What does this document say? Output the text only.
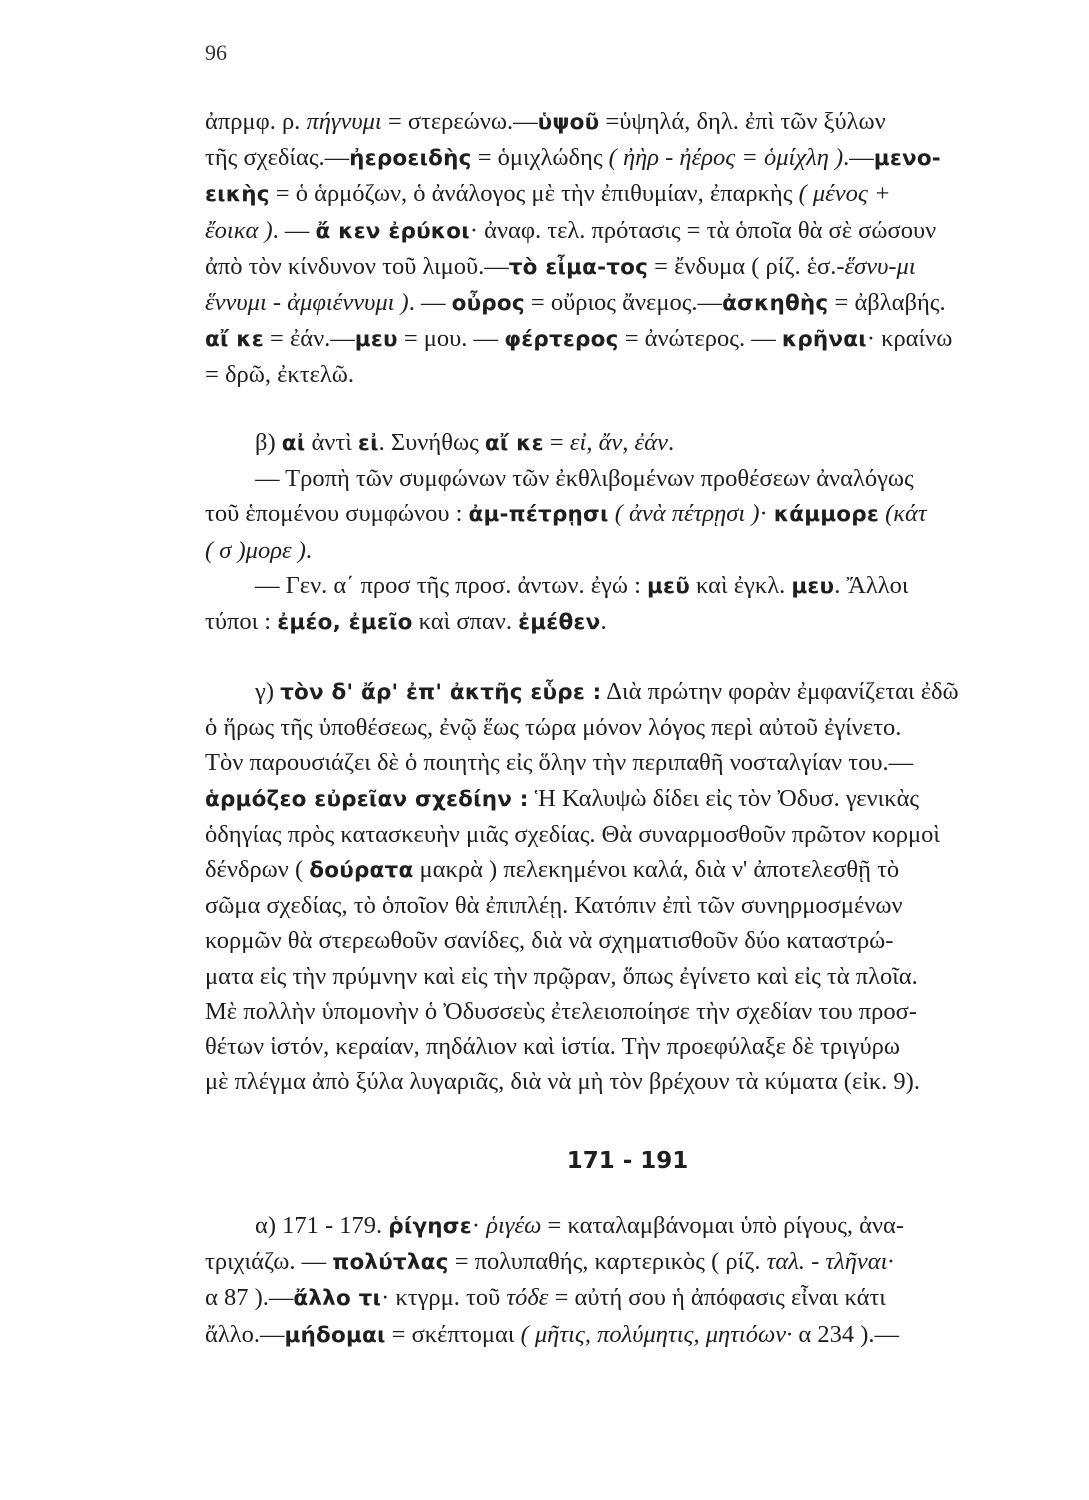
96

ἀπρμφ. ρ. πήγνυμι = στερεώνω.—ὑψοῦ =ὑψηλά, δηλ. ἐπὶ τῶν ξύλων

τῆς σχεδίας.—ἠεροειδὴς = ὁμιχλώδης ( ἠὴρ - ἠέρος = ὁμίχλη ).—μενο-

εικὴς = ὁ ἁρμόζων, ὁ ἀνάλογος μὲ τὴν ἐπιθυμίαν, ἐπαρκὴς ( μένος +

ἔοικα ). — ἄ κεν ἐρύκοι· ἀναφ. τελ. πρότασις = τὰ ὁποῖα θὰ σὲ σώσουν

ἀπὸ τὸν κίνδυνον τοῦ λιμοῦ.—τὸ εἶμα-τος = ἔνδυμα ( ρίζ. ἑσ.-ἕσνυ-μι

ἕννυμι - ἀμφιέννυμι ). — οὖρος = οὔριος ἄνεμος.—ἀσκηθὴς = ἀβλαβής.

αἴ κε = ἐάν.—μευ = μου. — φέρτερος = ἀνώτερος. — κρῆναι· κραίνω

= δρῶ, ἐκτελῶ.

β) αἰ ἀντὶ εἰ. Συνήθως αἴ κε = εἰ, ἄν, ἐάν.

— Τροπὴ τῶν συμφώνων τῶν ἐκθλιβομένων προθέσεων ἀναλόγως

τοῦ ἑπομένου συμφώνου : ἀμ-πέτρῃσι ( ἀνὰ πέτρῃσι )· κάμμορε (κάτ

( σ )μορε ).

— Γεν. α΄ προσ τῆς προσ. ἀντων. ἐγώ : μεῦ καὶ ἐγκλ. μευ. Ἄλλοι

τύποι : ἐμέο, ἐμεῖο καὶ σπαν. ἐμέθεν.

γ) τὸν δ' ἄρ' ἐπ' ἀκτῆς εὗρε : Διὰ πρώτην φορὰν ἐμφανίζεται ἐδῶ

ὁ ἥρως τῆς ὑποθέσεως, ἐνῷ ἕως τώρα μόνον λόγος περὶ αὐτοῦ ἐγίνετο.

Τὸν παρουσιάζει δὲ ὁ ποιητὴς εἰς ὅλην τὴν περιπαθῆ νοσταλγίαν του.—

ἁρμόζεο εὐρεῖαν σχεδίην : Ἡ Καλυψὼ δίδει εἰς τὸν Ὀδυσ. γενικὰς

ὁδηγίας πρὸς κατασκευὴν μιᾶς σχεδίας. Θὰ συναρμοσθοῦν πρῶτον κορμοὶ

δένδρων ( δούρατα μακρὰ ) πελεκημένοι καλά, διὰ ν' ἀποτελεσθῇ τὸ

σῶμα σχεδίας, τὸ ὁποῖον θὰ ἐπιπλέῃ. Κατόπιν ἐπὶ τῶν συνηρμοσμένων

κορμῶν θὰ στερεωθοῦν σανίδες, διὰ νὰ σχηματισθοῦν δύο καταστρώ-

ματα εἰς τὴν πρύμνην καὶ εἰς τὴν πρῷραν, ὅπως ἐγίνετο καὶ εἰς τὰ πλοῖα.

Μὲ πολλὴν ὑπομονὴν ὁ Ὀδυσσεὺς ἐτελειοποίησε τὴν σχεδίαν του προσ-

θέτων ἱστόν, κεραίαν, πηδάλιον καὶ ἱστία. Τὴν προεφύλαξε δὲ τριγύρω

μὲ πλέγμα ἀπὸ ξύλα λυγαριᾶς, διὰ νὰ μὴ τὸν βρέχουν τὰ κύματα (εἰκ. 9).

171 - 191

α) 171 - 179. ῥίγησε· ῥιγέω = καταλαμβάνομαι ὑπὸ ρίγους, ἀνα-

τριχιάζω. — πολύτλας = πολυπαθής, καρτερικὸς ( ρίζ. ταλ. - τλῆναι·

α 87 ).—ἄλλο τι· κτγρμ. τοῦ τόδε = αὐτή σου ἡ ἀπόφασις εἶναι κάτι

ἄλλο.—μήδομαι = σκέπτομαι ( μῆτις, πολύμητις, μητιόων· α 234 ).—
